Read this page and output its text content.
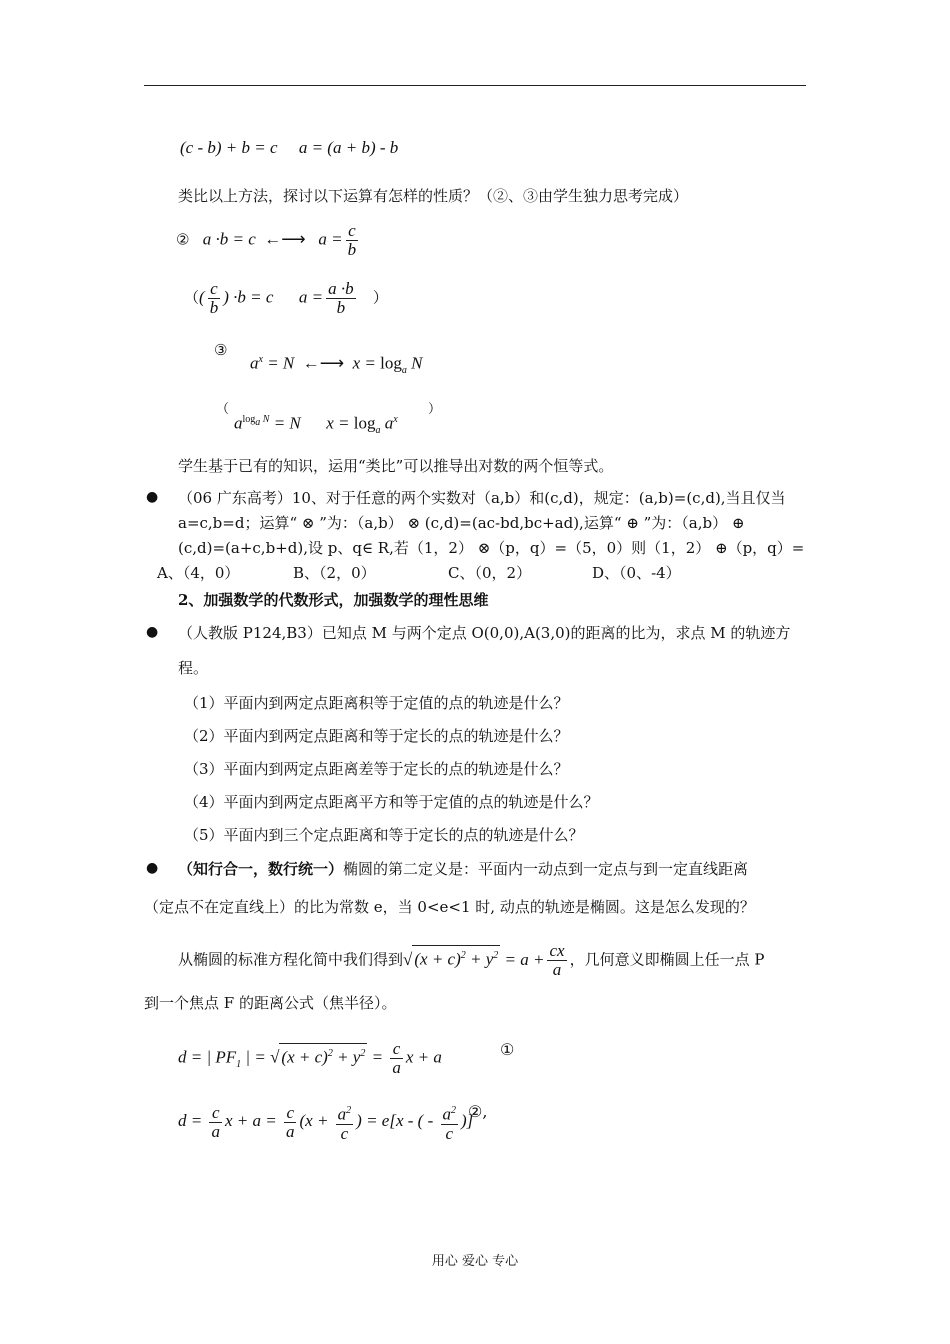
(c - b) + b = c a = (a + b) - b
类比以上方法，探讨以下运算有怎样的性质？（②、③由学生独力思考完成）
②   a ·b = c  ←⟶   $a = \frac{c}{b}$
（( $\frac{c}{b}$ ) ·b = c      $a = \frac{a \cdot b}{b}$ ）
③
$a^x = N$  ←⟶  $x = \log_a N$
（
$a^{log_a N} = N$      $x = \log_a a^x$
）
学生基于已有的知识，运用“类比”可以推导出对数的两个恒等式。
● （06 广东高考）10、对于任意的两个实数对（a,b）和(c,d)，规定：(a,b)=(c,d),当且仅当
a=c,b=d；运算“ ⊗ ”为：（a,b） ⊗ (c,d)=(ac-bd,bc+ad),运算“ ⊕ ”为：（a,b） ⊕
(c,d)=(a+c,b+d),设 p、q∈ R,若（1，2） ⊗（p，q）=（5，0）则（1，2） ⊕（p，q）=
A、（4，0）	B、（2，0）	C、（0，2）	D、（0、-4）
2、加强数学的代数形式，加强数学的理性思维
● （人教版 P124,B3）已知点 M 与两个定点 O(0,0),A(3,0)的距离的比为，求点 M 的轨迹方
程。
（1）平面内到两定点距离积等于定值的点的轨迹是什么？
（2）平面内到两定点距离和等于定长的点的轨迹是什么？
（3）平面内到两定点距离差等于定长的点的轨迹是什么？
（4）平面内到两定点距离平方和等于定值的点的轨迹是什么？
（5）平面内到三个定点距离和等于定长的点的轨迹是什么？
● （知行合一，数行统一）椭圆的第二定义是：平面内一动点到一定点与到一定直线距离
（定点不在定直线上）的比为常数 e，当 0<e<1 时, 动点的轨迹是椭圆。这是怎么发现的？
从椭圆的标准方程化简中我们得到√ $(x + c)^2 + y^2 = a + \frac{cx}{a}$ ，几何意义即椭圆上任一点 P
到一个焦点 F 的距离公式（焦半径）。
d = | $PF_1$ | = √ $(x + c)^2 + y^2 = \frac{c}{a}$ x + a	①
$d = \frac{c}{a}$ $x + a = \frac{c}{a} (x + \frac{a^2}{c}$ ) = e[x - ( - $\frac{a^2}{c}$ )]
②,
用心 爱心 专心
